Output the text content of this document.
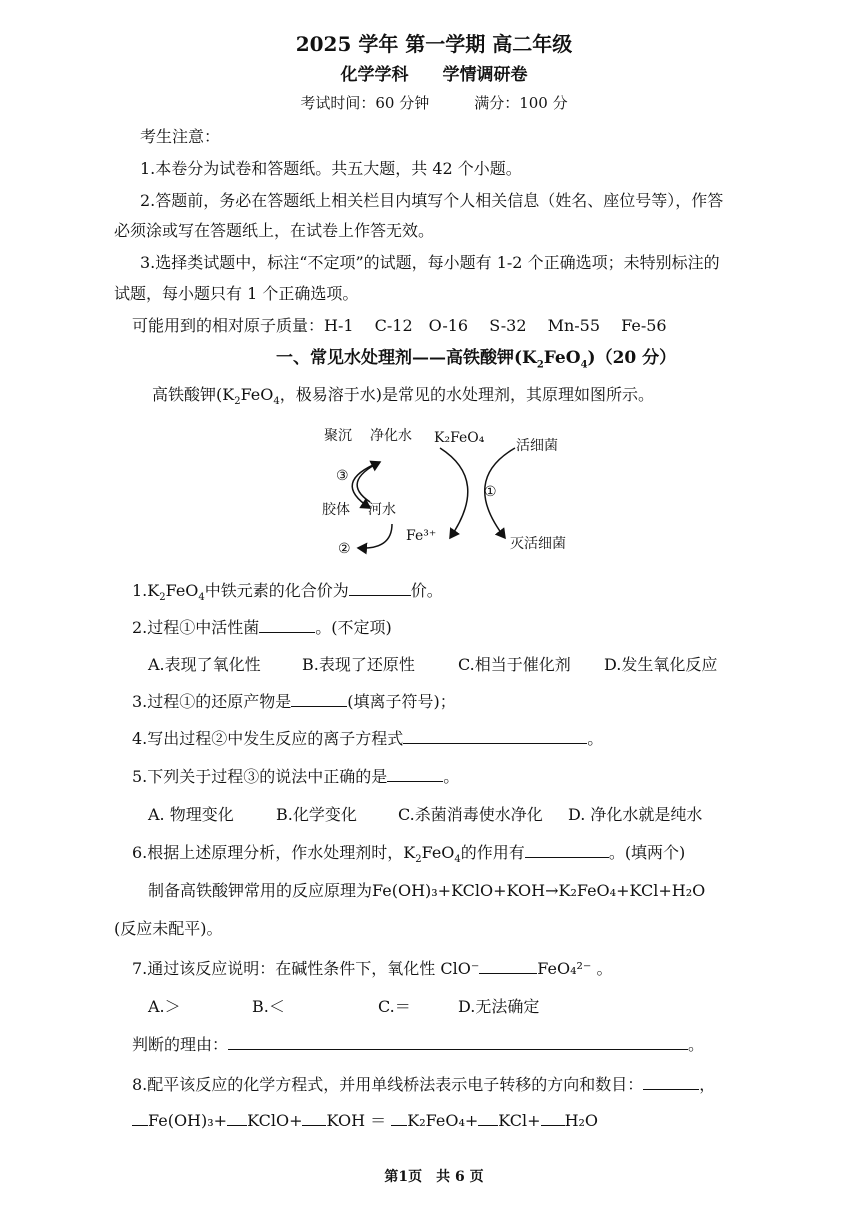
2025 学年 第一学期 高二年级
化学学科　　学情调研卷
考试时间：60 分钟　　　满分：100 分
考生注意：
1.本卷分为试卷和答题纸。共五大题，共 42 个小题。
2.答题前，务必在答题纸上相关栏目内填写个人相关信息（姓名、座位号等），作答
必须涂或写在答题纸上，在试卷上作答无效。
3.选择类试题中，标注“不定项”的试题，每小题有 1-2 个正确选项；未特别标注的
试题，每小题只有 1 个正确选项。
可能用到的相对原子质量：H-1　 C-12　O-16　 S-32　 Mn-55　 Fe-56
一、常见水处理剂——高铁酸钾$(K_2FeO_4)(20$ 分）
高铁酸钾($K_2FeO_4$，极易溶于水)是常见的水处理剂，其原理如图所示。
聚沉 净化水 K₂FeO₄ 活细菌
③
①
胶体 河水
Fe³⁺
②	灭活细菌
$1.K_2FeO_4$中铁元素的化合价为	价。
2.过程①中活性菌	。(不定项)
A.表现了氧化性	B.表现了还原性	C.相当于催化剂 D.发生氧化反应
3.过程①的还原产物是	(填离子符号)；
4.写出过程②中发生反应的离子方程式	。
5.下列关于过程③的说法中正确的是	。
A. 物理变化	B.化学变化	C.杀菌消毒使水净化 D. 净化水就是纯水
6.根据上述原理分析，作水处理剂时，$K_2FeO_4$的作用有	。(填两个)
制备高铁酸钾常用的反应原理为Fe(OH)₃+KClO+KOH→K₂FeO₄+KCl+H₂O
(反应未配平)。
7.通过该反应说明：在碱性条件下，氧化性 ClO⁻	FeO₄²⁻ 。
A.＞	B.＜	C.＝	D.无法确定
判断的理由：	。
8.配平该反应的化学方程式，并用单线桥法表示电子转移的方向和数目：	，
Fe(OH)₃+ KClO+ KOH ＝ K₂FeO₄+ KCl+ H₂O
第1页　共 6 页
